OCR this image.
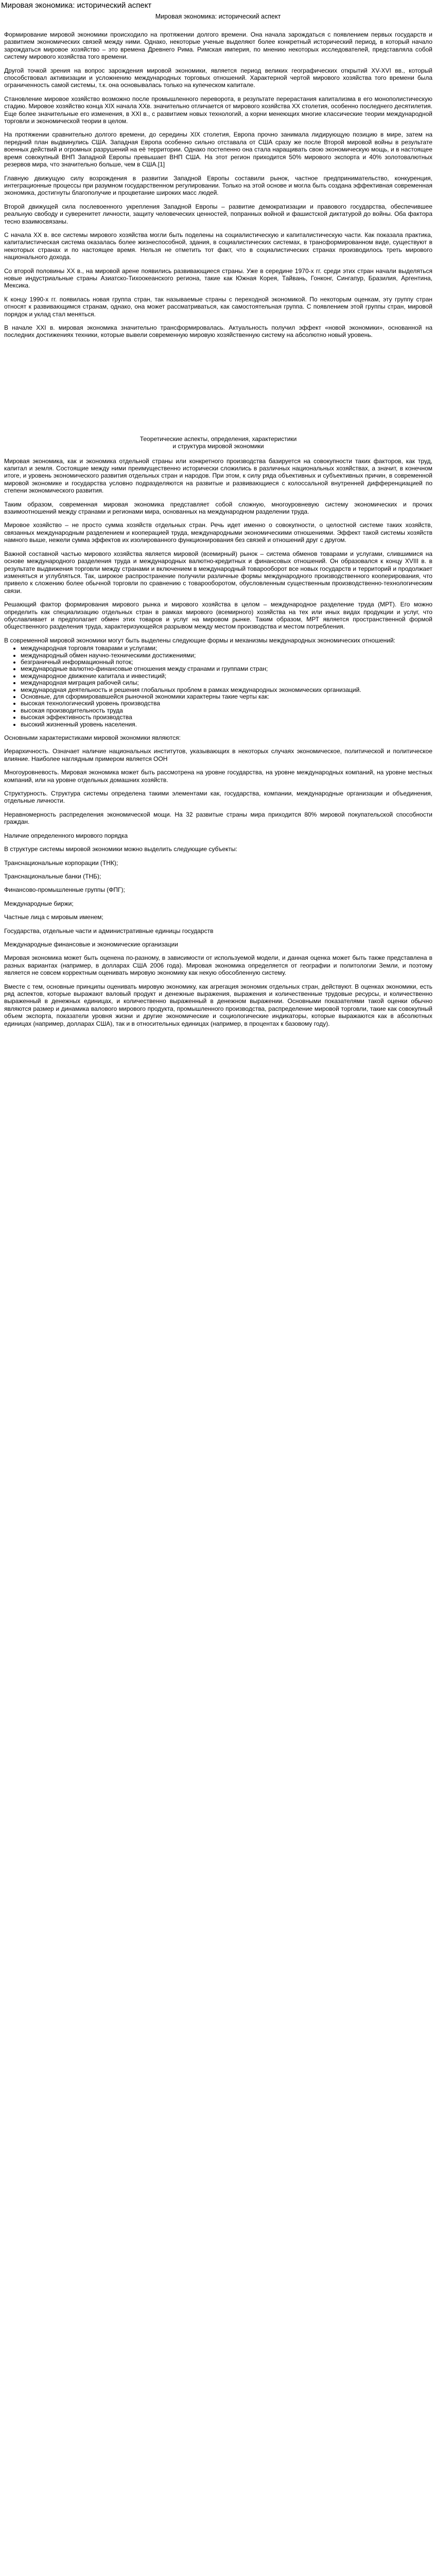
Мировая экономика: исторический аспект
Мировая экономика: исторический аспект

Формирование мировой экономики происходило на протяжении долгого времени. Она начала зарождаться с появлением первых государств и развитием экономических связей между ними. Однако, некоторые ученые выделяют более конкретный исторический период, в который начало зарождаться мировое хозяйство – это времена Древнего Рима. Римская империя, по мнению некоторых исследователей, представляла собой систему мирового хозяйства того времени.

Другой точкой зрения на вопрос зарождения мировой экономики, является период великих географических открытий XV-XVI вв., который способствовал активизации и усложнению международных торговых отношений. Характерной чертой мирового хозяйства того времени была ограниченность самой системы, т.к. она основывалась только на купеческом капитале.

Становление мировое хозяйство возможно после промышленного переворота, в результате перерастания капитализма в его монополистическую стадию. Мировое хозяйство конца XIX начала XXв. значительно отличается от мирового хозяйства XX столетия, особенно последнего десятилетия. Еще более значительные его изменения, в XXI в., с развитием новых технологий, а корни менеющих многие классические теории международной торговли и экономической теории в целом.

На протяжении сравнительно долгого времени, до середины XIX столетия, Европа прочно занимала лидирующую позицию в мире, затем на передний план выдвинулись США. Западная Европа особенно сильно отставала от США сразу же после Второй мировой войны в результате военных действий и огромных разрушений на её территории. Однако постепенно она стала наращивать свою экономическую мощь, и в настоящее время совокупный ВНП Западной Европы превышает ВНП США. На этот регион приходится 50% мирового экспорта и 40% золотовалютных резервов мира, что значительно больше, чем в США.[1]

Главную движущую силу возрождения в развитии Западной Европы составили рынок, частное предпринимательство, конкуренция, интеграционные процессы при разумном государственном регулировании. Только на этой основе и могла быть создана эффективная современная экономика, достигнуты благополучие и процветание широких масс людей.

Второй движущей сила послевоенного укрепления Западной Европы – развитие демократизации и правового государства, обеспечившее реальную свободу и суверенитет личности, защиту человеческих ценностей, попранных войной и фашистской диктатурой до войны. Оба фактора тесно взаимосвязаны.

С начала XX в. все системы мирового хозяйства могли быть поделены на социалистическую и капиталистическую части. Как показала практика, капиталистическая система оказалась более жизнеспособной, здания, в социалистических системах, в трансформированном виде, существуют в некоторых странах и по настоящее время. Нельзя не отметить тот факт, что в социалистических странах производилось треть мирового национального дохода.

Со второй половины XX в., на мировой арене появились развивающиеся страны. Уже в середине 1970-х гг. среди этих стран начали выделяться новые индустриальные страны Азиатско-Тихоокеанского региона, такие как Южная Корея, Тайвань, Гонконг, Сингапур, Бразилия, Аргентина, Мексика.

К концу 1990-х гг. появилась новая группа стран, так называемые страны с переходной экономикой. По некоторым оценкам, эту группу стран относят к развивающимся странам, однако, она может рассматриваться, как самостоятельная группа. С появлением этой группы стран, мировой порядок и уклад стал меняться.

В начале XXI в. мировая экономика значительно трансформировалась. Актуальность получил эффект «новой экономики», основанной на последних достижениях техники, которые вывели современную мировую хозяйственную систему на абсолютно новый уровень.

Теоретические аспекты, определения, характеристики
и структура мировой экономики

Мировая экономика, как и экономика отдельной страны или конкретного производства базируется на совокупности таких факторов, как труд, капитал и земля. Состоящие между ними преимущественно исторически сложились в различных национальных хозяйствах, а значит, в конечном итоге, и уровень экономического развития отдельных стран и народов. При этом, к силу ряда объективных и субъективных причин, в современной мировой экономике и государства условно подразделяются на развитые и развивающиеся с колоссальной внутренней дифференциацией по степени экономического развития.

Таким образом, современная мировая экономика представляет собой сложную, многоуровневую систему экономических и прочих взаимоотношений между странами и регионами мира, основанных на международном разделении труда.

Мировое хозяйство – не просто сумма хозяйств отдельных стран. Речь идет именно о совокупности, о целостной системе таких хозяйств, связанных международным разделением и кооперацией труда, международными экономическими отношениями. Эффект такой системы хозяйств намного выше, нежели сумма эффектов их изолированного функционирования без связей и отношений друг с другом.

Важной составной частью мирового хозяйства является мировой (всемирный) рынок – система обменов товарами и услугами, слившимися на основе международного разделения труда и международных валютно-кредитных и финансовых отношений. Он образовался к концу XVIII в. в результате выдвижения торговли между странами и включением в международный товарооборот все новых государств и территорий и продолжает изменяться и углубляться. Так, широкое распространение получили различные формы международного производственного кооперирования, что привело к сложению более обычной торговли по сравнению с товарооборотом, обусловленным существенным производственно-технологическим связи.

Решающий фактор формирования мирового рынка и мирового хозяйства в целом – международное разделение труда (МРТ). Его можно определить как специализацию отдельных стран в рамках мирового (всемирного) хозяйства на тех или иных видах продукции и услуг, что обуславливает и предполагает обмен этих товаров и услуг на мировом рынке. Таким образом, МРТ является пространственной формой общественного разделения труда, характеризующейся разрывом между местом производства и местом потребления.

В современной мировой экономики могут быть выделены следующие формы и механизмы международных экономических отношений:

• международная торговля товарами и услугами;
• международный обмен научно-техническими достижениями;
• безграничный информационный поток;
• международные валютно-финансовые отношения между странами и группами стран;
• международное движение капитала и инвестиций;
• международная миграция рабочей силы;
• международная деятельность и решения глобальных проблем в рамках международных экономических организаций.
• Основные, для сформировавшейся рыночной экономики характерны такие черты как:
• высокая технологический уровень производства
• высокая производительность труда
• высокая эффективность производства
• высокий жизненный уровень населения.

Основными характеристиками мировой экономики являются:

Иерархичность. Означает наличие национальных институтов, указывающих в некоторых случаях экономическое, политической и политическое влияние. Наиболее наглядным примером является ООН

Многоуровневость. Мировая экономика может быть рассмотрена на уровне государства, на уровне международных компаний, на уровне местных компаний, или на уровне отдельных домашних хозяйств.

Структурность. Структура системы определена такими элементами как, государства, компании, международные организации и объединения, отдельные личности.

Неравномерность распределения экономической мощи. На 32 развитые страны мира приходится 80% мировой покупательской способности граждан.

Наличие определенного мирового порядка

В структуре системы мировой экономики можно выделить следующие субъекты:

Транснациональные корпорации (ТНК);

Транснациональные банки (ТНБ);

Финансово-промышленные группы (ФПГ);

Международные биржи;

Частные лица с мировым именем;

Государства, отдельные части и административные единицы государств

Международные финансовые и экономические организации

Мировая экономика может быть оценена по-разному, в зависимости от используемой модели, и данная оценка может быть также представлена в разных вариантах (например, в долларах США 2006 года). Мировая экономика определяется от географии и политологии Земли, и поэтому является не совсем корректным оценивать мировую экономику как некую обособленную систему.

Вместе с тем, основные принципы оценивать мировую экономику, как агрегация экономик отдельных стран, действуют. В оценках экономики, есть ряд аспектов, которые выражают валовый продукт и денежные выражения, выражения и количественные трудовые ресурсы, и количественно выраженный в денежных единицах, и количественно выраженный в денежном выражении. Основными показателями такой оценки обычно являются размер и динамика валового мирового продукта, промышленного производства, распределение мировой торговли, такие как совокупный объем экспорта, показатели уровня жизни и другие экономические и социологические индикаторы, которые выражаются как в абсолютных единицах (например, долларах США), так и в относительных единицах (например, в процентах к базовому году).
